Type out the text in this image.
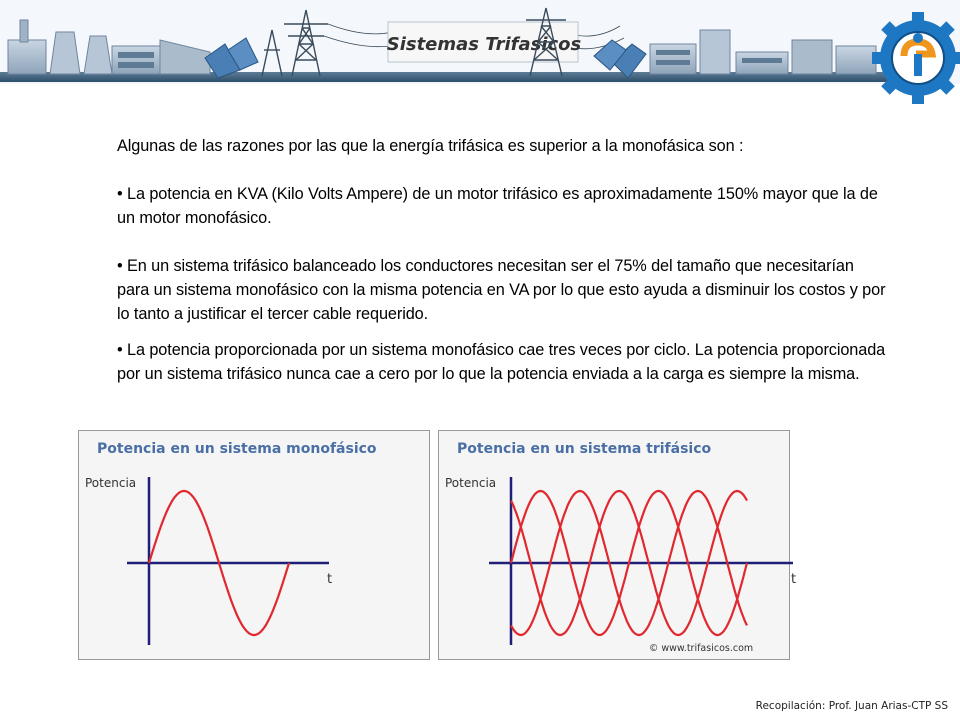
Sistemas Trifasicos

Algunas de las razones por las que la energía trifásica es superior a la monofásica son :

• La potencia en KVA (Kilo Volts Ampere) de un motor trifásico es aproximadamente 150% mayor que la de un motor monofásico.

• En un sistema trifásico balanceado los conductores necesitan ser el 75% del tamaño que necesitarían para un sistema monofásico con la misma potencia en VA por lo que esto ayuda a disminuir los costos y por lo tanto a justificar el tercer cable requerido.

• La potencia proporcionada por un sistema monofásico cae tres veces por ciclo. La potencia proporcionada por un sistema trifásico nunca cae a cero por lo que la potencia enviada a la carga es siempre la misma.

Potencia en un sistema monofásico
Potencia
t
Potencia en un sistema trifásico
Potencia
t
© www.trifasicos.com
Recopilación: Prof. Juan Arias-CTP SS
